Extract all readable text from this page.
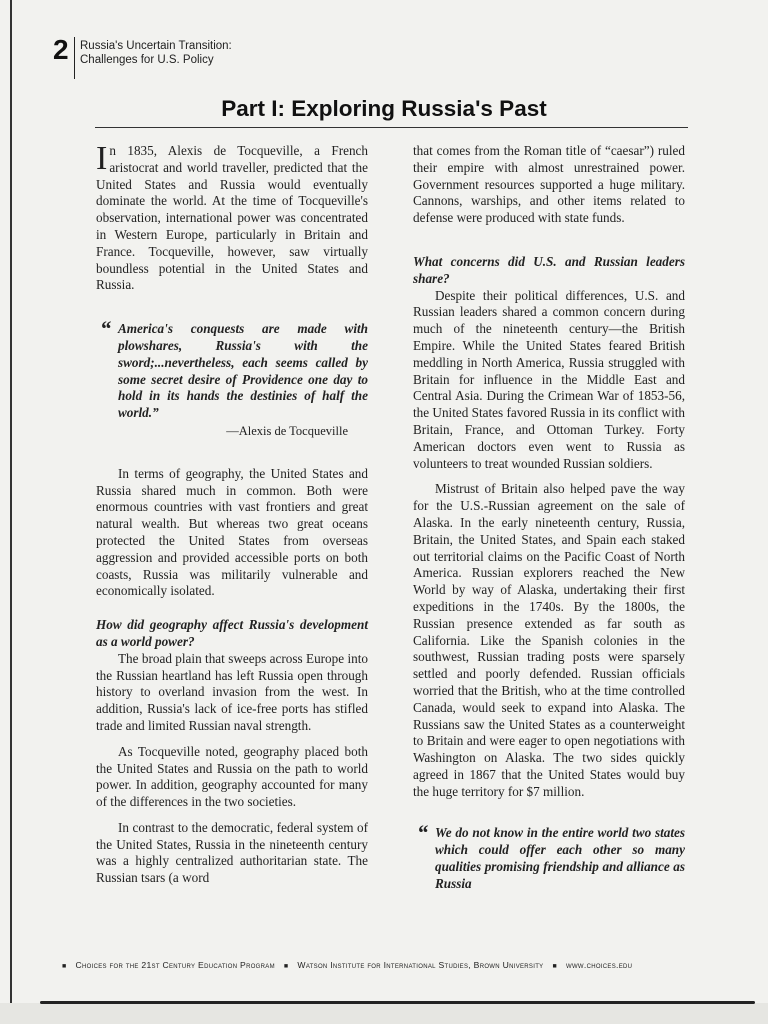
2 Russia's Uncertain Transition:
Challenges for U.S. Policy
Part I: Exploring Russia's Past

In 1835, Alexis de Tocqueville, a French aristocrat and world traveller, predicted that the United States and Russia would eventually dominate the world. At the time of Tocqueville's observation, international power was concentrated in Western Europe, particularly in Britain and France. Tocqueville, however, saw virtually boundless potential in the United States and Russia.

“ America's conquests are made with plowshares, Russia's with the sword;...nevertheless, each seems called by some secret desire of Providence one day to hold in its hands the destinies of half the world.”
—Alexis de Tocqueville

In terms of geography, the United States and Russia shared much in common. Both were enormous countries with vast frontiers and great natural wealth. But whereas two great oceans protected the United States from overseas aggression and provided accessible ports on both coasts, Russia was militarily vulnerable and economically isolated.

How did geography affect Russia's development as a world power?

The broad plain that sweeps across Europe into the Russian heartland has left Russia open through history to overland invasion from the west. In addition, Russia's lack of ice-free ports has stifled trade and limited Russian naval strength.

As Tocqueville noted, geography placed both the United States and Russia on the path to world power. In addition, geography accounted for many of the differences in the two societies.

In contrast to the democratic, federal system of the United States, Russia in the nineteenth century was a highly centralized authoritarian state. The Russian tsars (a word

that comes from the Roman title of “caesar”) ruled their empire with almost unrestrained power. Government resources supported a huge military. Cannons, warships, and other items related to defense were produced with state funds.

What concerns did U.S. and Russian leaders share?

Despite their political differences, U.S. and Russian leaders shared a common concern during much of the nineteenth century—the British Empire. While the United States feared British meddling in North America, Russia struggled with Britain for influence in the Middle East and Central Asia. During the Crimean War of 1853-56, the United States favored Russia in its conflict with Britain, France, and Ottoman Turkey. Forty American doctors even went to Russia as volunteers to treat wounded Russian soldiers.

Mistrust of Britain also helped pave the way for the U.S.-Russian agreement on the sale of Alaska. In the early nineteenth century, Russia, Britain, the United States, and Spain each staked out territorial claims on the Pacific Coast of North America. Russian explorers reached the New World by way of Alaska, undertaking their first expeditions in the 1740s. By the 1800s, the Russian presence extended as far south as California. Like the Spanish colonies in the southwest, Russian trading posts were sparsely settled and poorly defended. Russian officials worried that the British, who at the time controlled Canada, would seek to expand into Alaska. The Russians saw the United States as a counterweight to Britain and were eager to open negotiations with Washington on Alaska. The two sides quickly agreed in 1867 that the United States would buy the huge territory for $7 million.

“ We do not know in the entire world two states which could offer each other so many qualities promising friendship and alliance as Russia
■ Choices for the 21st Century Education Program ■ Watson Institute for International Studies, Brown University ■ www.choices.edu
